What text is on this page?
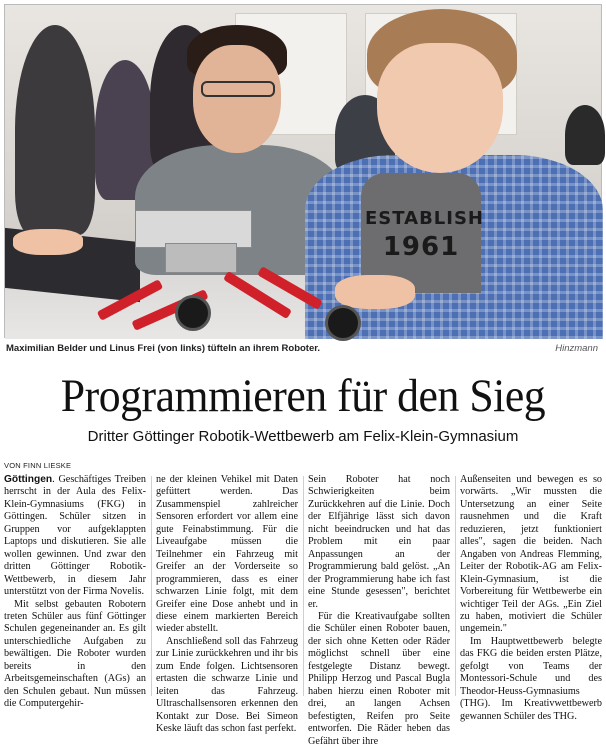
ESTABLISH
1961
Maximilian Belder und Linus Frei (von links) tüfteln an ihrem Roboter.	Hinzmann
Programmieren für den Sieg
Dritter Göttinger Robotik-Wettbewerb am Felix-Klein-Gymnasium
VON FINN LIESKE

Göttingen. Geschäftiges Treiben herrscht in der Aula des Felix-Klein-Gymnasiums (FKG) in Göttingen. Schüler sitzen in Gruppen vor aufgeklappten Laptops und diskutieren. Sie alle wollen gewinnen. Und zwar den dritten Göttinger Robotik-Wettbewerb, in diesem Jahr unterstützt von der Firma Novelis.

Mit selbst gebauten Robotern treten Schüler aus fünf Göttinger Schulen gegeneinander an. Es gilt unterschiedliche Aufgaben zu bewältigen. Die Roboter wurden bereits in den Arbeitsgemeinschaften (AGs) an den Schulen gebaut. Nun müssen die Computergehir-

ne der kleinen Vehikel mit Daten gefüttert werden. Das Zusammenspiel zahlreicher Sensoren erfordert vor allem eine gute Feinabstimmung. Für die Liveaufgabe müssen die Teilnehmer ein Fahrzeug mit Greifer an der Vorderseite so programmieren, dass es einer schwarzen Linie folgt, mit dem Greifer eine Dose anhebt und in diese einem markierten Bereich wieder abstellt.

Anschließend soll das Fahrzeug zur Linie zurückkehren und ihr bis zum Ende folgen. Lichtsensoren ertasten die schwarze Linie und leiten das Fahrzeug. Ultraschallsensoren erkennen den Kontakt zur Dose. Bei Simeon Keske läuft das schon fast perfekt.

Sein Roboter hat noch Schwierigkeiten beim Zurückkehren auf die Linie. Doch der Elfjährige lässt sich davon nicht beeindrucken und hat das Problem mit ein paar Anpassungen an der Programmierung bald gelöst. „An der Programmierung habe ich fast eine Stunde gesessen", berichtet er.

Für die Kreativaufgabe sollten die Schüler einen Roboter bauen, der sich ohne Ketten oder Räder möglichst schnell über eine festgelegte Distanz bewegt. Philipp Herzog und Pascal Bugla haben hierzu einen Roboter mit drei, an langen Achsen befestigten, Reifen pro Seite entworfen. Die Räder heben das Gefährt über ihre

Außenseiten und bewegen es so vorwärts. „Wir mussten die Untersetzung an einer Seite rausnehmen und die Kraft reduzieren, jetzt funktioniert alles", sagen die beiden. Nach Angaben von Andreas Flemming, Leiter der Robotik-AG am Felix-Klein-Gymnasium, ist die Vorbereitung für Wettbewerbe ein wichtiger Teil der AGs. „Ein Ziel zu haben, motiviert die Schüler ungemein."

Im Hauptwettbewerb belegte das FKG die beiden ersten Plätze, gefolgt von Teams der Montessori-Schule und des Theodor-Heuss-Gymnasiums (THG). Im Kreativwettbewerb gewannen Schüler des THG.
